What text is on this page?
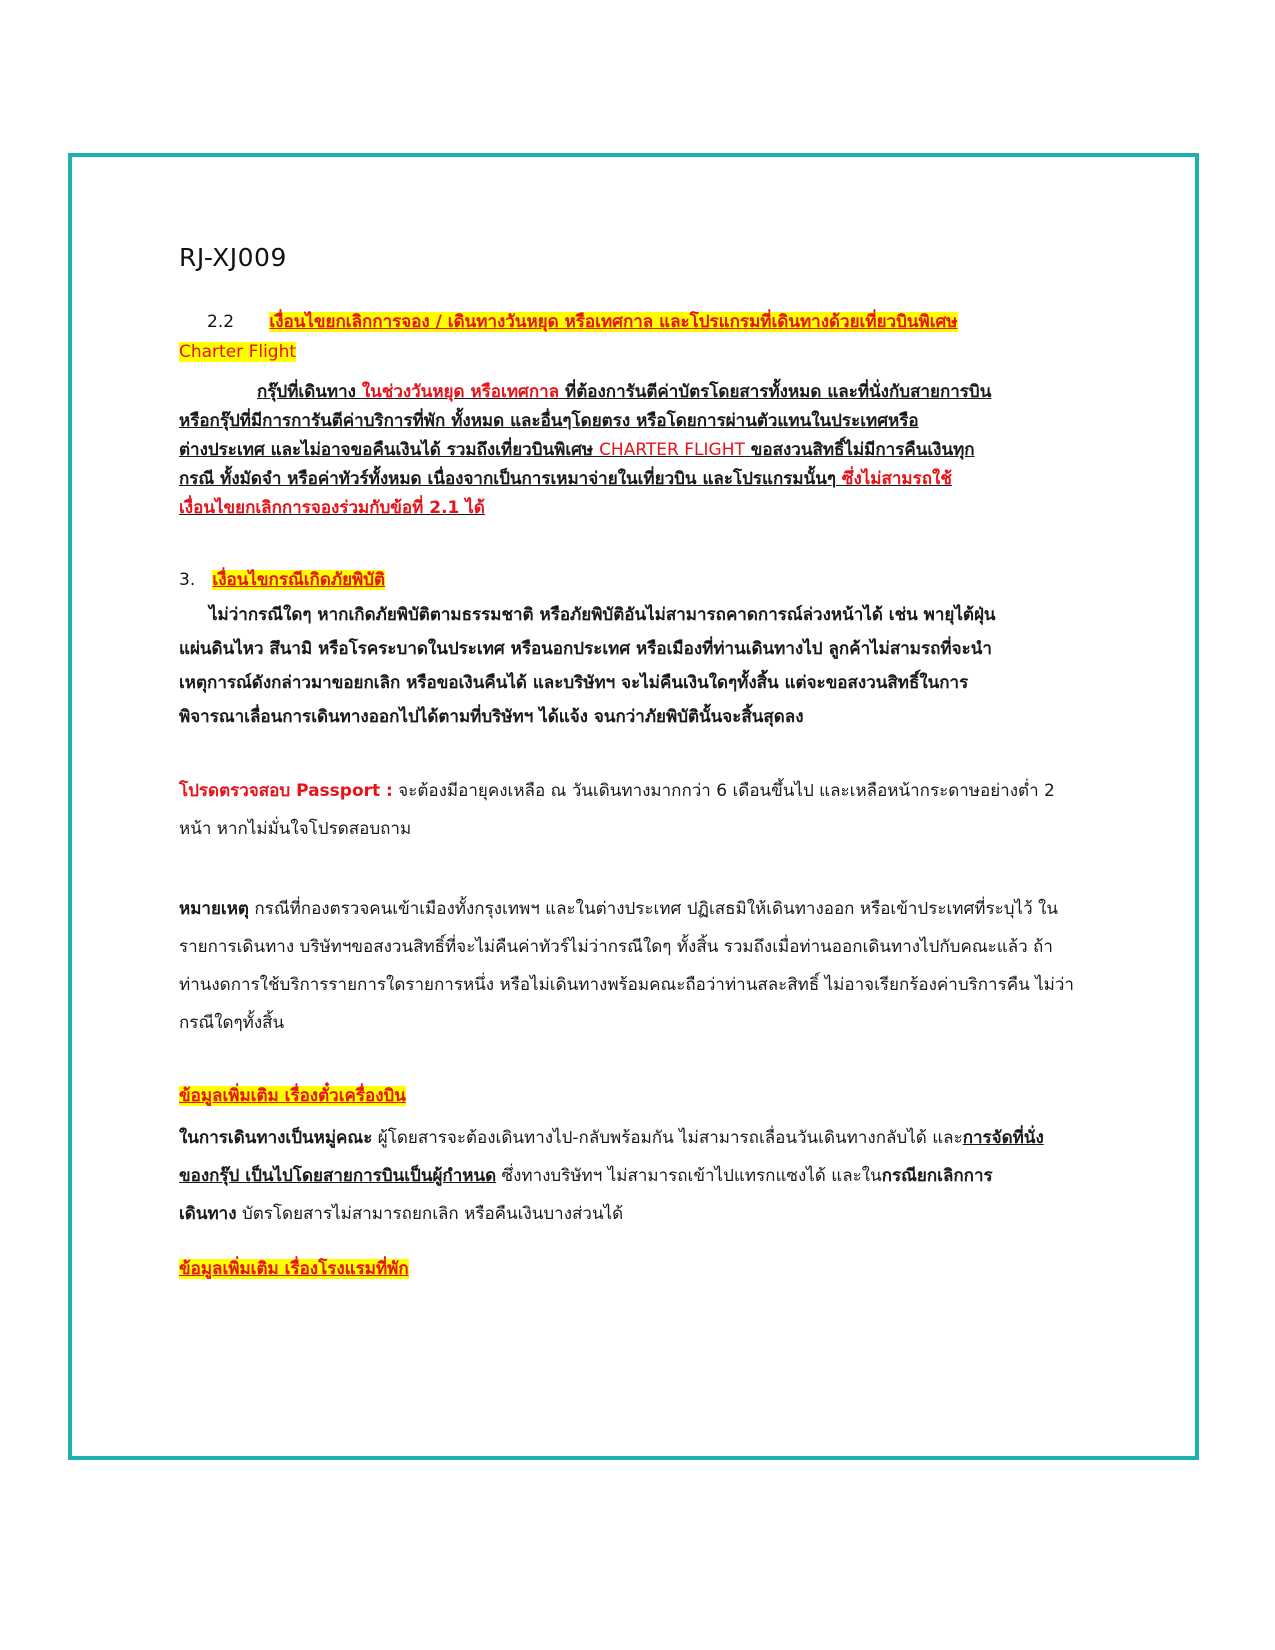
RJ-XJ009

2.2 เงื่อนไขยกเลิกการจอง / เดินทางวันหยุด หรือเทศกาล และโปรแกรมที่เดินทางด้วยเที่ยวบินพิเศษ

Charter Flight

กรุ๊ปที่เดินทาง ในช่วงวันหยุด หรือเทศกาล ที่ต้องการันตีค่าบัตรโดยสารทั้งหมด และที่นั่งกับสายการบิน

หรือกรุ๊ปที่มีการการันตีค่าบริการที่พัก ทั้งหมด และอื่นๆโดยตรง หรือโดยการผ่านตัวแทนในประเทศหรือ

ต่างประเทศ และไม่อาจขอคืนเงินได้ รวมถึงเที่ยวบินพิเศษ CHARTER FLIGHT ขอสงวนสิทธิ์ไม่มีการคืนเงินทุก

กรณี ทั้งมัดจำ หรือค่าทัวร์ทั้งหมด เนื่องจากเป็นการเหมาจ่ายในเที่ยวบิน และโปรแกรมนั้นๆ ซึ่งไม่สามรถใช้

เงื่อนไขยกเลิกการจองร่วมกับข้อที่ 2.1 ได้

3. เงื่อนไขกรณีเกิดภัยพิบัติ

ไม่ว่ากรณีใดๆ หากเกิดภัยพิบัติตามธรรมชาติ หรือภัยพิบัติอันไม่สามารถคาดการณ์ล่วงหน้าได้ เช่น พายุไต้ฝุ่น

แผ่นดินไหว สึนามิ หรือโรคระบาดในประเทศ หรือนอกประเทศ หรือเมืองที่ท่านเดินทางไป ลูกค้าไม่สามรถที่จะนำ

เหตุการณ์ดังกล่าวมาขอยกเลิก หรือขอเงินคืนได้ และบริษัทฯ จะไม่คืนเงินใดๆทั้งสิ้น แต่จะขอสงวนสิทธิ์ในการ

พิจารณาเลื่อนการเดินทางออกไปได้ตามที่บริษัทฯ ได้แจ้ง จนกว่าภัยพิบัตินั้นจะสิ้นสุดลง

โปรดตรวจสอบ Passport : จะต้องมีอายุคงเหลือ ณ วันเดินทางมากกว่า 6 เดือนขึ้นไป และเหลือหน้ากระดาษอย่างต่ำ 2

หน้า หากไม่มั่นใจโปรดสอบถาม

หมายเหตุ กรณีที่กองตรวจคนเข้าเมืองทั้งกรุงเทพฯ และในต่างประเทศ ปฏิเสธมิให้เดินทางออก หรือเข้าประเทศที่ระบุไว้ ใน

รายการเดินทาง บริษัทฯขอสงวนสิทธิ์ที่จะไม่คืนค่าทัวร์ไม่ว่ากรณีใดๆ ทั้งสิ้น รวมถึงเมื่อท่านออกเดินทางไปกับคณะแล้ว ถ้า

ท่านงดการใช้บริการรายการใดรายการหนึ่ง หรือไม่เดินทางพร้อมคณะถือว่าท่านสละสิทธิ์ ไม่อาจเรียกร้องค่าบริการคืน ไม่ว่า

กรณีใดๆทั้งสิ้น

ข้อมูลเพิ่มเติม เรื่องตั๋วเครื่องบิน

ในการเดินทางเป็นหมู่คณะ ผู้โดยสารจะต้องเดินทางไป-กลับพร้อมกัน ไม่สามารถเลื่อนวันเดินทางกลับได้ และการจัดที่นั่ง

ของกรุ๊ป เป็นไปโดยสายการบินเป็นผู้กำหนด ซึ่งทางบริษัทฯ ไม่สามารถเข้าไปแทรกแซงได้ และในกรณียกเลิกการ

เดินทาง บัตรโดยสารไม่สามารถยกเลิก หรือคืนเงินบางส่วนได้

ข้อมูลเพิ่มเติม เรื่องโรงแรมที่พัก
